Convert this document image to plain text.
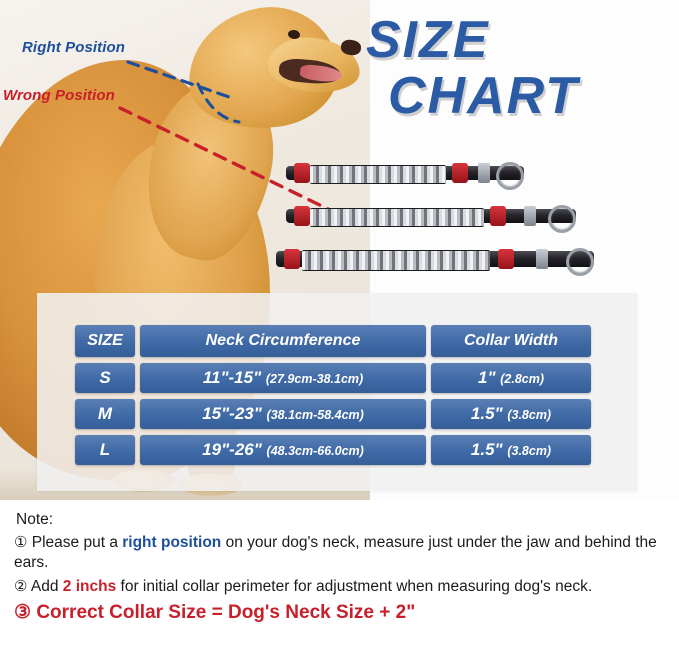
Right Position
Wrong Position
SIZE
CHART
SIZE	Neck Circumference	Collar Width
S	11"-15" (27.9cm-38.1cm)	1" (2.8cm)
M	15"-23" (38.1cm-58.4cm)	1.5" (3.8cm)
L	19"-26" (48.3cm-66.0cm)	1.5" (3.8cm)
Note:
① Please put a right position on your dog's neck, measure just under the jaw and behind the ears.
② Add 2 inchs for initial collar perimeter for adjustment when measuring dog's neck.
③ Correct Collar Size = Dog's Neck Size + 2"
